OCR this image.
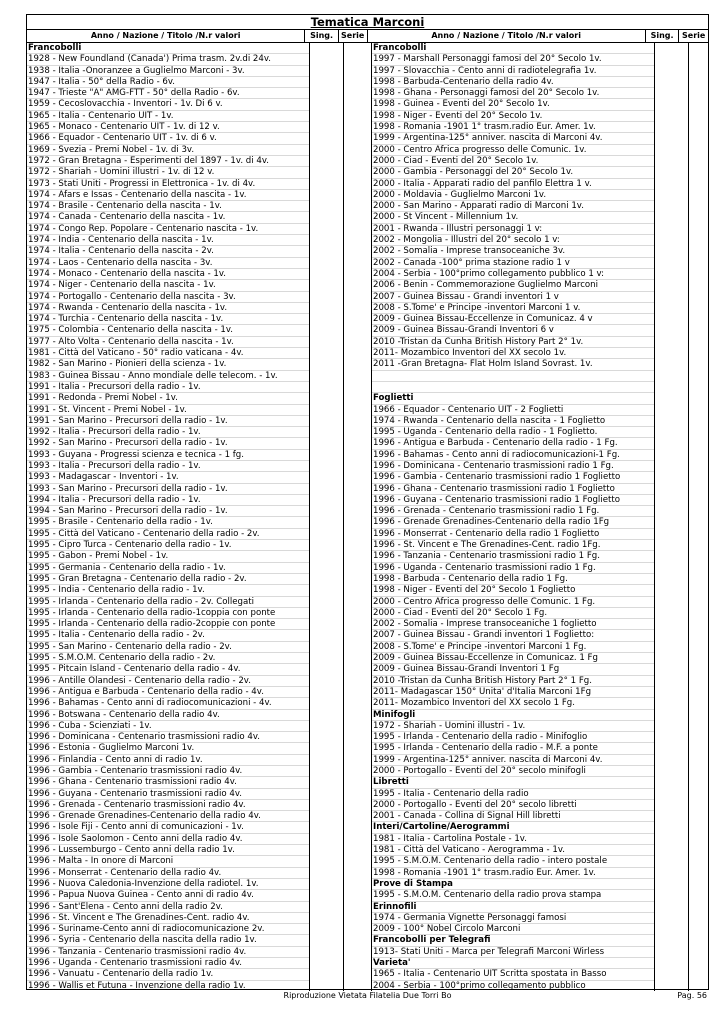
Tematica Marconi
Anno / Nazione / Titolo /N.r valori	Sing. Serie	Anno / Nazione / Titolo /N.r valori	Sing.	Serie
Francobolli
1928 - New Foundland (Canada') Prima trasm. 2v.di 24v.
1938 - Italia -Onoranzee a Guglielmo Marconi - 3v.
1947 - Italia - 50° della Radio - 6v.
1947 - Trieste "A" AMG-FTT - 50° della Radio - 6v.
1959 - Cecoslovacchia - Inventori - 1v. Di 6 v.
1965 - Italia - Centenario UIT - 1v.
1965 - Monaco - Centenario UIT - 1v. di 12 v.
1966 - Equador - Centenario UIT - 1v. di 6 v.
1969 - Svezia - Premi Nobel - 1v. di 3v.
1972 - Gran Bretagna - Esperimenti del 1897 - 1v. di 4v.
1972 - Shariah - Uomini illustri - 1v. di 12 v.
1973 - Stati Uniti - Progressi in Elettronica - 1v. di 4v.
1974 - Afars e Issas - Centenario della nascita - 1v.
1974 - Brasile - Centenario della nascita - 1v.
1974 - Canada - Centenario della nascita - 1v.
1974 - Congo Rep. Popolare - Centenario nascita - 1v.
1974 - India - Centenario della nascita - 1v.
1974 - Italia - Centenario della nascita - 2v.
1974 - Laos - Centenario della nascita - 3v.
1974 - Monaco - Centenario della nascita - 1v.
1974 - Niger - Centenario della nascita - 1v.
1974 - Portogallo - Centenario della nascita - 3v.
1974 - Rwanda - Centenario della nascita - 1v.
1974 - Turchia - Centenario della nascita - 1v.
1975 - Colombia - Centenario della nascita - 1v.
1977 - Alto Volta - Centenario della nascita - 1v.
1981 - Città del Vaticano - 50° radio vaticana - 4v.
1982 - San Marino - Pionieri della scienza - 1v.
1983 - Guinea Bissau - Anno mondiale delle telecom. - 1v.
1991 - Italia - Precursori della radio - 1v.
1991 - Redonda - Premi Nobel - 1v.
1991 - St. Vincent - Premi Nobel - 1v.
1991 - San Marino - Precursori della radio - 1v.
1992 - Italia - Precursori della radio - 1v.
1992 - San Marino - Precursori della radio - 1v.
1993 - Guyana - Progressi scienza e tecnica - 1 fg.
1993 - Italia - Precursori della radio - 1v.
1993 - Madagascar - Inventori - 1v.
1993 - San Marino - Precursori della radio - 1v.
1994 - Italia - Precursori della radio - 1v.
1994 - San Marino - Precursori della radio - 1v.
1995 - Brasile - Centenario della radio - 1v.
1995 - Città del Vaticano - Centenario della radio - 2v.
1995 - Cipro Turca - Centenario della radio - 1v.
1995 - Gabon - Premi Nobel - 1v.
1995 - Germania - Centenario della radio - 1v.
1995 - Gran Bretagna - Centenario della radio - 2v.
1995 - India - Centenario della radio - 1v.
1995 - Irlanda - Centenario della radio - 2v. Collegati
1995 - Irlanda - Centenario della radio-1coppia con ponte
1995 - Irlanda - Centenario della radio-2coppie con ponte
1995 - Italia - Centenario della radio - 2v.
1995 - San Marino - Centenario della radio - 2v.
1995 - S.M.O.M. Centenario della radio - 2v.
1995 - Pitcain Island - Centenario della radio - 4v.
1996 - Antille Olandesi - Centenario della radio - 2v.
1996 - Antigua e Barbuda - Centenario della radio - 4v.
1996 - Bahamas - Cento anni di radiocomunicazioni - 4v.
1996 - Botswana - Centenario della radio 4v.
1996 - Cuba - Scienziati - 1v.
1996 - Dominicana - Centenario trasmissioni radio 4v.
1996 - Estonia - Guglielmo Marconi 1v.
1996 - Finlandia - Cento anni di radio 1v.
1996 - Gambia - Centenario trasmissioni radio 4v.
1996 - Ghana - Centenario trasmissioni radio 4v.
1996 - Guyana - Centenario trasmissioni radio 4v.
1996 - Grenada - Centenario trasmissioni radio 4v.
1996 - Grenade Grenadines-Centenario della radio 4v.
1996 - Isole Fiji - Cento anni di comunicazioni - 1v.
1996 - Isole Saolomon - Cento anni della radio 4v.
1996 - Lussemburgo - Cento anni della radio 1v.
1996 - Malta - In onore di Marconi
1996 - Monserrat - Centenario della radio 4v.
1996 - Nuova Caledonia-Invenzione della radiotel. 1v.
1996 - Papua Nuova Guinea - Cento anni di radio 4v.
1996 - Sant'Elena - Cento anni della radio 2v.
1996 - St. Vincent e The Grenadines-Cent. radio 4v.
1996 - Suriname-Cento anni di radiocomunicazione 2v.
1996 - Syria - Centenario della nascita della radio 1v.
1996 - Tanzania - Centenario trasmissioni radio 4v.
1996 - Uganda - Centenario trasmissioni radio 4v.
1996 - Vanuatu - Centenario della radio 1v.
1996 - Wallis et Futuna - Invenzione della radio 1v.
Francobolli
1997 - Marshall Personaggi famosi del 20° Secolo 1v.
1997 - Slovacchia - Cento anni di radiotelegrafia 1v.
1998 - Barbuda-Centenario della radio 4v.
1998 - Ghana - Personaggi famosi del 20° Secolo 1v.
1998 - Guinea - Eventi del 20° Secolo 1v.
1998 - Niger - Eventi del 20° Secolo 1v.
1998 - Romania -1901 1° trasm.radio Eur. Amer. 1v.
1999 - Argentina-125° anniver. nascita di Marconi 4v.
2000 - Centro Africa progresso delle Comunic. 1v.
2000 - Ciad - Eventi del 20° Secolo 1v.
2000 - Gambia - Personaggi del 20° Secolo 1v.
2000 - Italia - Apparati radio del panfilo Elettra 1 v.
2000 - Moldavia - Guglielmo Marconi 1v.
2000 - San Marino - Apparati radio di Marconi 1v.
2000 - St Vincent - Millennium 1v.
2001 - Rwanda - Illustri personaggi 1 v:
2002 - Mongolia - Illustri del 20° secolo 1 v:
2002 - Somalia - Imprese transoceaniche 3v.
2002 - Canada -100° prima stazione radio 1 v
2004 - Serbia - 100°primo collegamento pubblico 1 v:
2006 - Benin - Commemorazione Guglielmo Marconi
2007 - Guinea Bissau - Grandi inventori 1 v
2008 - S.Tome' e Principe -inventori Marconi 1 v.
2009 - Guinea Bissau-Eccellenze in Comunicaz. 4 v
2009 - Guinea Bissau-Grandi Inventori 6 v
2010 -Tristan da Cunha British History Part 2° 1v.
2011- Mozambico Inventori del XX secolo 1v.
2011 -Gran Bretagna- Flat Holm Island Sovrast. 1v.
Foglietti
1966 - Equador - Centenario UIT - 2 Foglietti
1974 - Rwanda - Centenario della nascita - 1 Foglietto
1995 - Uganda - Centenario della radio - 1 Foglietto.
1996 - Antigua e Barbuda - Centenario della radio - 1 Fg.
1996 - Bahamas - Cento anni di radiocomunicazioni-1 Fg.
1996 - Dominicana - Centenario trasmissioni radio 1 Fg.
1996 - Gambia - Centenario trasmissioni radio 1 Foglietto
1996 - Ghana - Centenario trasmissioni radio 1 Foglietto
1996 - Guyana - Centenario trasmissioni radio 1 Foglietto
1996 - Grenada - Centenario trasmissioni radio 1 Fg.
1996 - Grenade Grenadines-Centenario della radio 1Fg
1996 - Monserrat - Centenario della radio 1 Foglietto
1996 - St. Vincent e The Grenadines-Cent. radio 1Fg.
1996 - Tanzania - Centenario trasmissioni radio 1 Fg.
1996 - Uganda - Centenario trasmissioni radio 1 Fg.
1998 - Barbuda - Centenario della radio 1 Fg.
1998 - Niger - Eventi del 20° Secolo 1 Foglietto
2000 - Centro Africa progresso delle Comunic. 1 Fg.
2000 - Ciad - Eventi del 20° Secolo 1 Fg.
2002 - Somalia - Imprese transoceaniche 1 foglietto
2007 - Guinea Bissau - Grandi inventori 1 Foglietto:
2008 - S.Tome' e Principe -inventori Marconi 1 Fg.
2009 - Guinea Bissau-Eccellenze in Comunicaz. 1 Fg
2009 - Guinea Bissau-Grandi Inventori 1 Fg
2010 -Tristan da Cunha British History Part 2° 1 Fg.
2011- Madagascar 150° Unita' d'Italia Marconi 1Fg
2011- Mozambico Inventori del XX secolo 1 Fg.
Minifogli
1972 - Shariah - Uomini illustri - 1v.
1995 - Irlanda - Centenario della radio - Minifoglio
1995 - Irlanda - Centenario della radio - M.F. a ponte
1999 - Argentina-125° anniver. nascita di Marconi 4v.
2000 - Portogallo - Eventi del 20° secolo minifogli
Libretti
1995 - Italia - Centenario della radio
2000 - Portogallo - Eventi del 20° secolo libretti
2001 - Canada - Collina di Signal Hill libretti
Interi/Cartoline/Aerogrammi
1981 - Italia - Cartolina Postale - 1v.
1981 - Città del Vaticano - Aerogramma - 1v.
1995 - S.M.O.M. Centenario della radio - intero postale
1998 - Romania -1901 1° trasm.radio Eur. Amer. 1v.
Prove di Stampa
1995 - S.M.O.M. Centenario della radio prova stampa
Erinnofili
1974 - Germania Vignette Personaggi famosi
2009 - 100° Nobel Circolo Marconi
Francobolli per Telegrafi
1913- Stati Uniti - Marca per Telegrafi Marconi Wirless
Varieta'
1965 - Italia - Centenario UIT Scritta spostata in Basso
2004 - Serbia - 100°primo collegamento pubblico
Riproduzione Vietata Filatelia Due Torri Bo	Pag. 56
